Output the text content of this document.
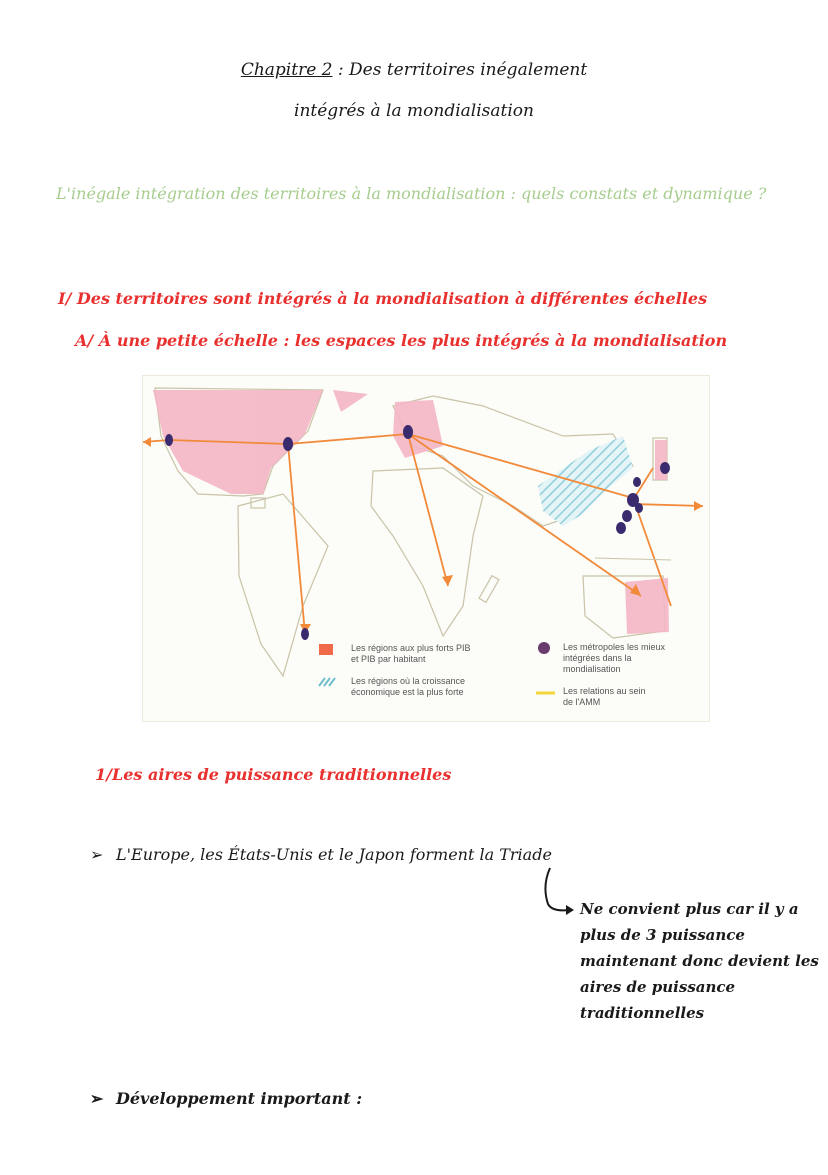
Chapitre 2 : Des territoires inégalement
intégrés à la mondialisation
L'inégale intégration des territoires à la mondialisation : quels constats et dynamique ?
I/ Des territoires sont intégrés à la mondialisation à différentes échelles
A/ À une petite échelle : les espaces les plus intégrés à la mondialisation
Les régions aux plus forts PIB
et PIB par habitant
Les régions où la croissance
économique est la plus forte
Les métropoles les mieux
intégrées dans la
mondialisation
Les relations au sein
de l'AMM
1/Les aires de puissance traditionnelles
➢ L'Europe, les États-Unis et le Japon forment la Triade
Ne convient plus car il y a plus de 3 puissance maintenant donc devient les aires de puissance traditionnelles
➢ Développement important :
